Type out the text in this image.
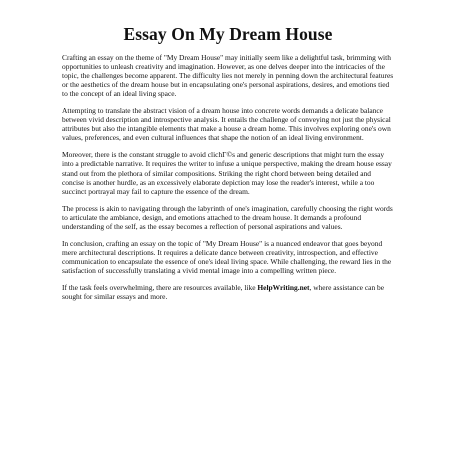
Essay On My Dream House

Crafting an essay on the theme of "My Dream House" may initially seem like a delightful task, brimming with opportunities to unleash creativity and imagination. However, as one delves deeper into the intricacies of the topic, the challenges become apparent. The difficulty lies not merely in penning down the architectural features or the aesthetics of the dream house but in encapsulating one's personal aspirations, desires, and emotions tied to the concept of an ideal living space.

Attempting to translate the abstract vision of a dream house into concrete words demands a delicate balance between vivid description and introspective analysis. It entails the challenge of conveying not just the physical attributes but also the intangible elements that make a house a dream home. This involves exploring one's own values, preferences, and even cultural influences that shape the notion of an ideal living environment.

Moreover, there is the constant struggle to avoid clichГ©s and generic descriptions that might turn the essay into a predictable narrative. It requires the writer to infuse a unique perspective, making the dream house essay stand out from the plethora of similar compositions. Striking the right chord between being detailed and concise is another hurdle, as an excessively elaborate depiction may lose the reader's interest, while a too succinct portrayal may fail to capture the essence of the dream.

The process is akin to navigating through the labyrinth of one's imagination, carefully choosing the right words to articulate the ambiance, design, and emotions attached to the dream house. It demands a profound understanding of the self, as the essay becomes a reflection of personal aspirations and values.

In conclusion, crafting an essay on the topic of "My Dream House" is a nuanced endeavor that goes beyond mere architectural descriptions. It requires a delicate dance between creativity, introspection, and effective communication to encapsulate the essence of one's ideal living space. While challenging, the reward lies in the satisfaction of successfully translating a vivid mental image into a compelling written piece.

If the task feels overwhelming, there are resources available, like HelpWriting.net, where assistance can be sought for similar essays and more.
